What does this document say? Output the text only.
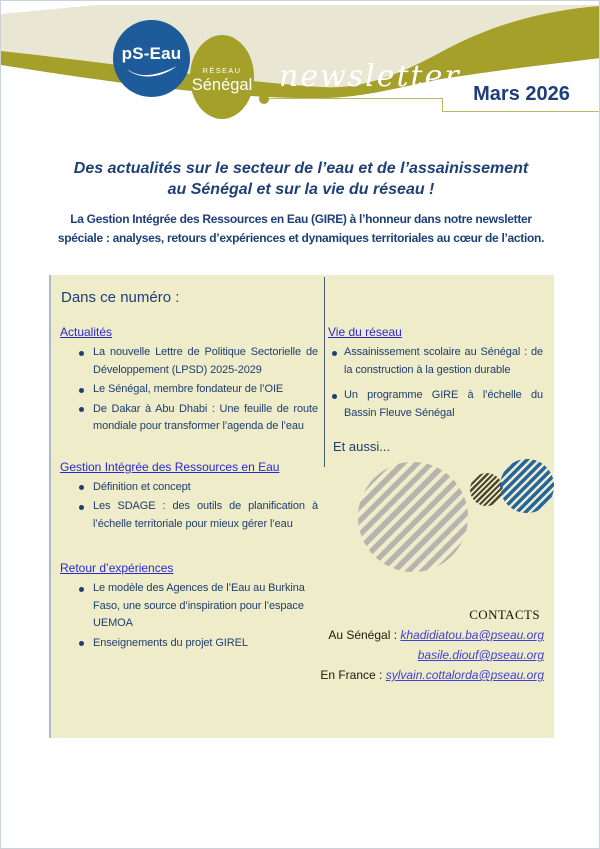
pS-Eau
RÉSEAU
Sénégal newsletter Mars 2026
Des actualités sur le secteur de l’eau et de l’assainissement
au Sénégal et sur la vie du réseau !

La Gestion Intégrée des Ressources en Eau (GIRE) à l’honneur dans notre newsletter spéciale : analyses, retours d’expériences et dynamiques territoriales au cœur de l’action.

Dans ce numéro :
Actualités
La nouvelle Lettre de Politique Sectorielle de Développement (LPSD) 2025-2029
Le Sénégal, membre fondateur de l’OIE
De Dakar à Abu Dhabi : Une feuille de route mondiale pour transformer l’agenda de l’eau
Gestion Intégrée des Ressources en Eau
Définition et concept
Les SDAGE : des outils de planification à l’échelle territoriale pour mieux gérer l’eau
Retour d’expériences
Le modèle des Agences de l’Eau au Burkina Faso, une source d’inspiration pour l’espace UEMOA
Enseignements du projet GIREL
Vie du réseau
Assainissement scolaire au Sénégal : de la construction à la gestion durable
Un programme GIRE à l’échelle du Bassin Fleuve Sénégal
Et aussi...
CONTACTS
Au Sénégal : khadidiatou.ba@pseau.org
basile.diouf@pseau.org
En France : sylvain.cottalorda@pseau.org
